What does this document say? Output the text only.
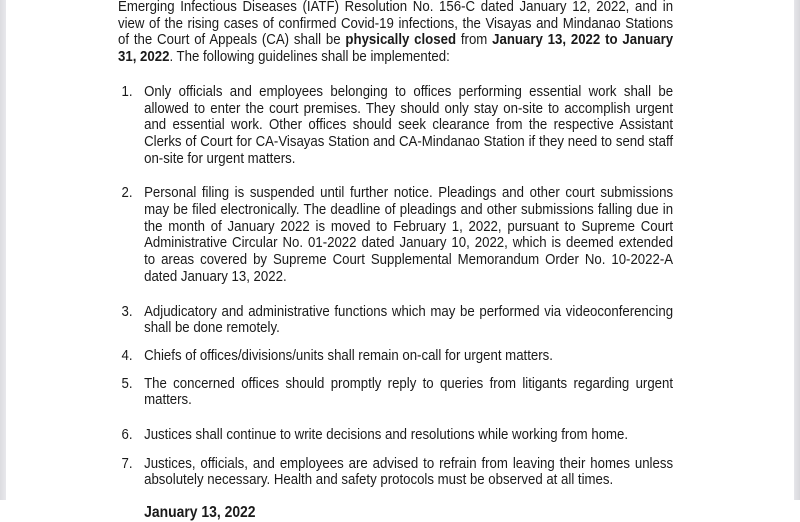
Emerging Infectious Diseases (IATF) Resolution No. 156-C dated January 12, 2022, and in view of the rising cases of confirmed Covid-19 infections, the Visayas and Mindanao Stations of the Court of Appeals (CA) shall be physically closed from January 13, 2022 to January 31, 2022. The following guidelines shall be implemented:

1. Only officials and employees belonging to offices performing essential work shall be allowed to enter the court premises. They should only stay on-site to accomplish urgent and essential work. Other offices should seek clearance from the respective Assistant Clerks of Court for CA-Visayas Station and CA-Mindanao Station if they need to send staff on-site for urgent matters.
2. Personal filing is suspended until further notice. Pleadings and other court submissions may be filed electronically. The deadline of pleadings and other submissions falling due in the month of January 2022 is moved to February 1, 2022, pursuant to Supreme Court Administrative Circular No. 01-2022 dated January 10, 2022, which is deemed extended to areas covered by Supreme Court Supplemental Memorandum Order No. 10-2022-A dated January 13, 2022.
3. Adjudicatory and administrative functions which may be performed via videoconferencing shall be done remotely.
4. Chiefs of offices/divisions/units shall remain on-call for urgent matters.
5. The concerned offices should promptly reply to queries from litigants regarding urgent matters.
6. Justices shall continue to write decisions and resolutions while working from home.
7. Justices, officials, and employees are advised to refrain from leaving their homes unless absolutely necessary. Health and safety protocols must be observed at all times.
January 13, 2022
